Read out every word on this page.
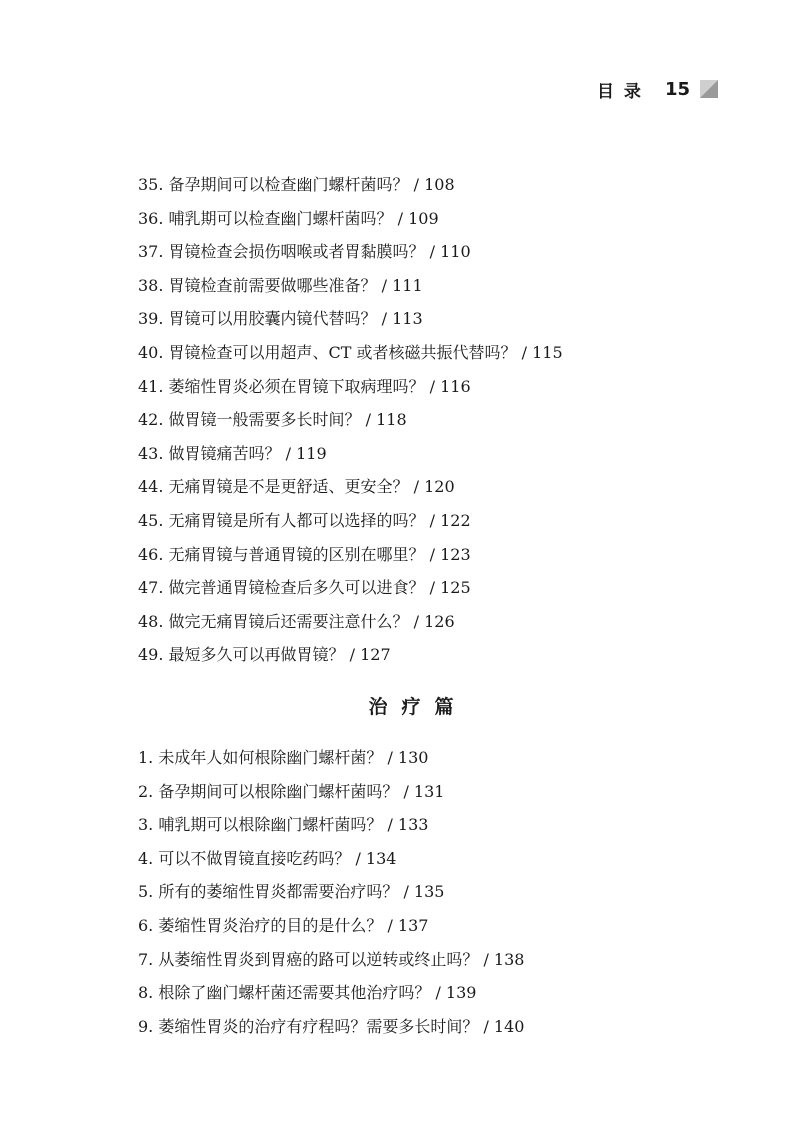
目录 15
35. 备孕期间可以检查幽门螺杆菌吗？ / 108
36. 哺乳期可以检查幽门螺杆菌吗？ / 109
37. 胃镜检查会损伤咽喉或者胃黏膜吗？ / 110
38. 胃镜检查前需要做哪些准备？ / 111
39. 胃镜可以用胶囊内镜代替吗？ / 113
40. 胃镜检查可以用超声、CT 或者核磁共振代替吗？ / 115
41. 萎缩性胃炎必须在胃镜下取病理吗？ / 116
42. 做胃镜一般需要多长时间？ / 118
43. 做胃镜痛苦吗？ / 119
44. 无痛胃镜是不是更舒适、更安全？ / 120
45. 无痛胃镜是所有人都可以选择的吗？ / 122
46. 无痛胃镜与普通胃镜的区别在哪里？ / 123
47. 做完普通胃镜检查后多久可以进食？ / 125
48. 做完无痛胃镜后还需要注意什么？ / 126
49. 最短多久可以再做胃镜？ / 127
治疗篇
1. 未成年人如何根除幽门螺杆菌？ / 130
2. 备孕期间可以根除幽门螺杆菌吗？ / 131
3. 哺乳期可以根除幽门螺杆菌吗？ / 133
4. 可以不做胃镜直接吃药吗？ / 134
5. 所有的萎缩性胃炎都需要治疗吗？ / 135
6. 萎缩性胃炎治疗的目的是什么？ / 137
7. 从萎缩性胃炎到胃癌的路可以逆转或终止吗？ / 138
8. 根除了幽门螺杆菌还需要其他治疗吗？ / 139
9. 萎缩性胃炎的治疗有疗程吗？需要多长时间？ / 140
